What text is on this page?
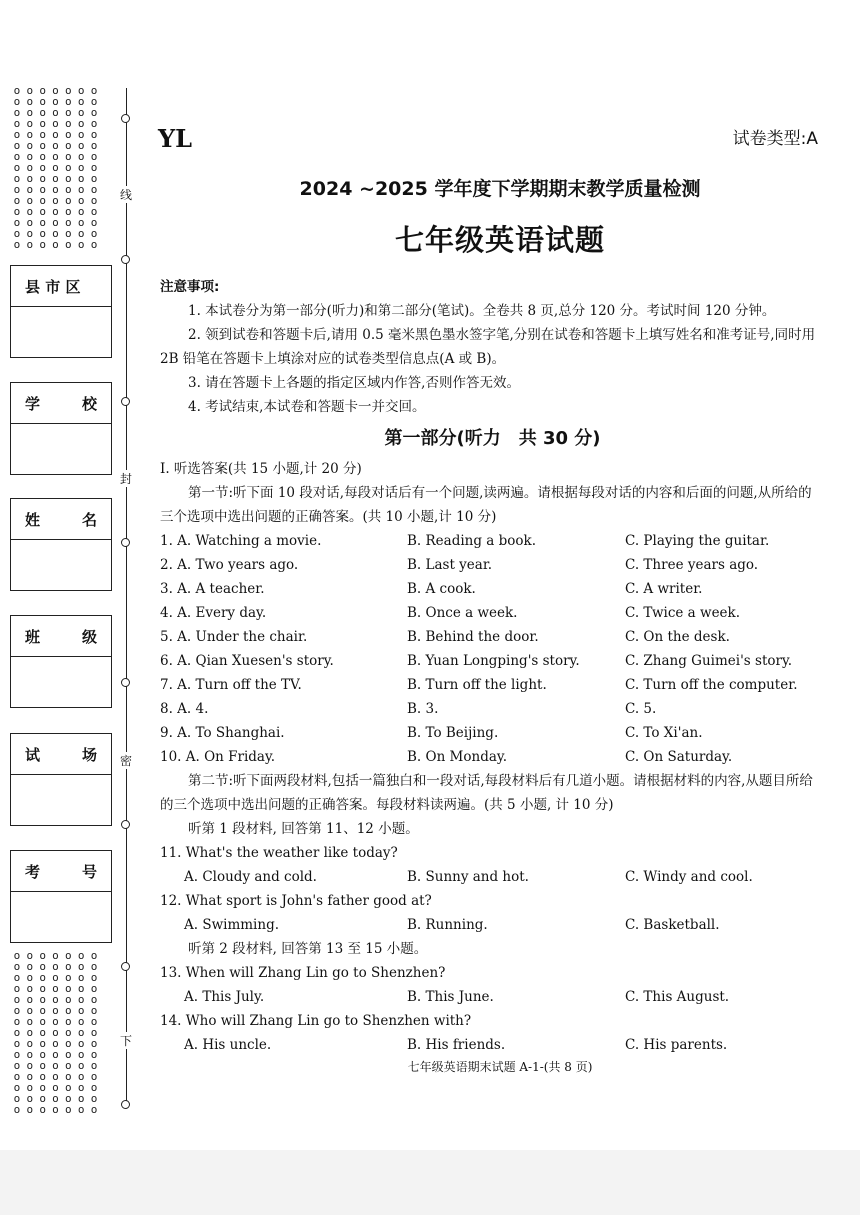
o o o o o o o
o o o o o o o
o o o o o o o
o o o o o o o
o o o o o o o
o o o o o o o
o o o o o o o
o o o o o o o
o o o o o o o
o o o o o o o
o o o o o o o
o o o o o o o
o o o o o o o
o o o o o o o
o o o o o o o
o o o o o o o
o o o o o o o
o o o o o o o
o o o o o o o
o o o o o o o
o o o o o o o
o o o o o o o
o o o o o o o
o o o o o o o
o o o o o o o
o o o o o o o
o o o o o o o
o o o o o o o
o o o o o o o
o o o o o o o
县 市 区
学	校
姓	名
班	级
试	场
考	号
线
封
密
下
YL	试卷类型:A
2024 ~2025 学年度下学期期末教学质量检测
七年级英语试题

注意事项:

1. 本试卷分为第一部分(听力)和第二部分(笔试)。全卷共 8 页,总分 120 分。考试时间 120 分钟。

2. 领到试卷和答题卡后,请用 0.5 毫米黑色墨水签字笔,分别在试卷和答题卡上填写姓名和准考证号,同时用 2B 铅笔在答题卡上填涂对应的试卷类型信息点(A 或 B)。

3. 请在答题卡上各题的指定区域内作答,否则作答无效。

4. 考试结束,本试卷和答题卡一并交回。

第一部分(听力　共 30 分)

Ⅰ. 听选答案(共 15 小题,计 20 分)

第一节:听下面 10 段对话,每段对话后有一个问题,读两遍。请根据每段对话的内容和后面的问题,从所给的三个选项中选出问题的正确答案。(共 10 小题,计 10 分)

1. A. Watching a movie.	B. Reading a book.	C. Playing the guitar.
2. A. Two years ago.	B. Last year.	C. Three years ago.
3. A. A teacher.	B. A cook.	C. A writer.
4. A. Every day.	B. Once a week.	C. Twice a week.
5. A. Under the chair.	B. Behind the door.	C. On the desk.
6. A. Qian Xuesen's story.	B. Yuan Longping's story.	C. Zhang Guimei's story.
7. A. Turn off the TV.	B. Turn off the light.	C. Turn off the computer.
8. A. 4.	B. 3.	C. 5.
9. A. To Shanghai.	B. To Beijing.	C. To Xi'an.
10. A. On Friday.	B. On Monday.	C. On Saturday.

第二节:听下面两段材料,包括一篇独白和一段对话,每段材料后有几道小题。请根据材料的内容,从题目所给的三个选项中选出问题的正确答案。每段材料读两遍。(共 5 小题, 计 10 分)

听第 1 段材料, 回答第 11、12 小题。

11. What's the weather like today?

A. Cloudy and cold.	B. Sunny and hot.	C. Windy and cool.

12. What sport is John's father good at?

A. Swimming.	B. Running.	C. Basketball.

听第 2 段材料, 回答第 13 至 15 小题。

13. When will Zhang Lin go to Shenzhen?

A. This July.	B. This June.	C. This August.

14. Who will Zhang Lin go to Shenzhen with?

A. His uncle.	B. His friends.	C. His parents.
七年级英语期末试题 A-1-(共 8 页)
